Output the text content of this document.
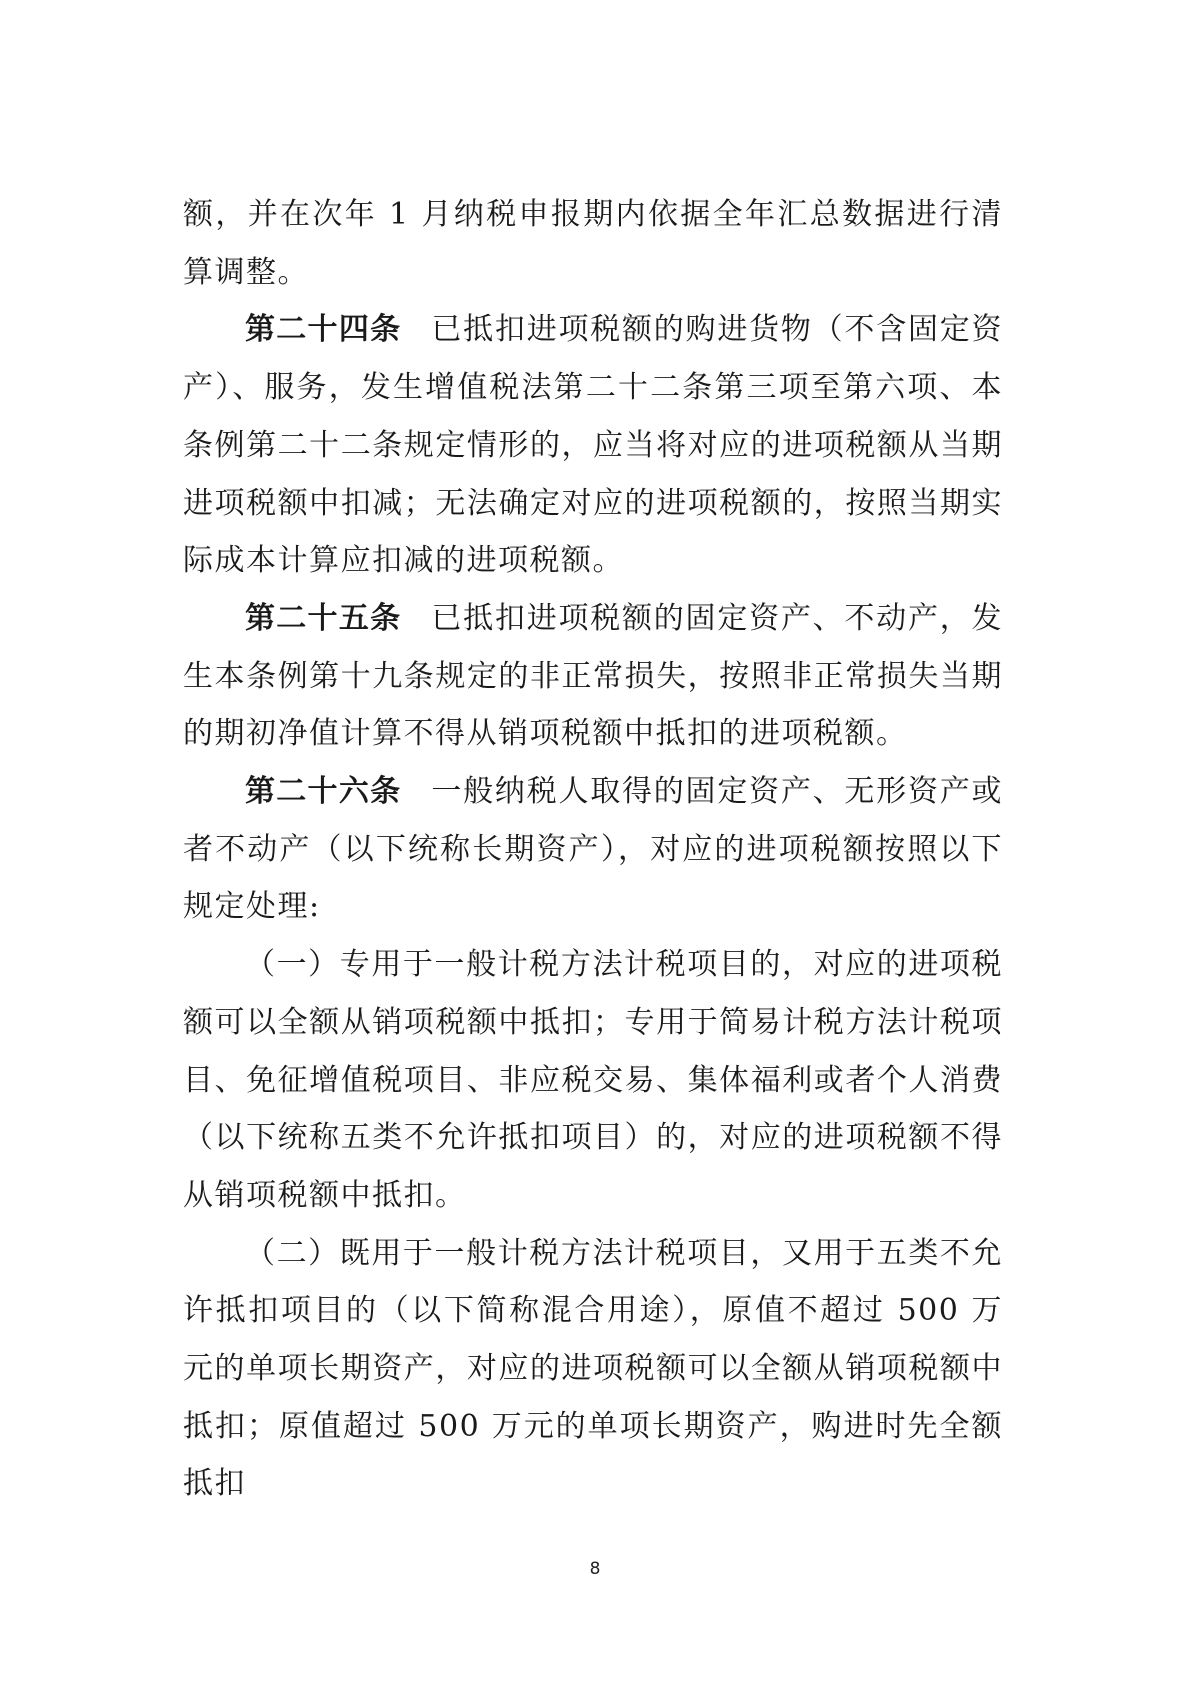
额，并在次年 1 月纳税申报期内依据全年汇总数据进行清算调整。

第二十四条 已抵扣进项税额的购进货物（不含固定资产）、服务，发生增值税法第二十二条第三项至第六项、本条例第二十二条规定情形的，应当将对应的进项税额从当期进项税额中扣减；无法确定对应的进项税额的，按照当期实际成本计算应扣减的进项税额。

第二十五条 已抵扣进项税额的固定资产、不动产，发生本条例第十九条规定的非正常损失，按照非正常损失当期的期初净值计算不得从销项税额中抵扣的进项税额。

第二十六条 一般纳税人取得的固定资产、无形资产或者不动产（以下统称长期资产），对应的进项税额按照以下规定处理:

（一）专用于一般计税方法计税项目的，对应的进项税额可以全额从销项税额中抵扣；专用于简易计税方法计税项目、免征增值税项目、非应税交易、集体福利或者个人消费（以下统称五类不允许抵扣项目）的，对应的进项税额不得从销项税额中抵扣。

（二）既用于一般计税方法计税项目，又用于五类不允许抵扣项目的（以下简称混合用途），原值不超过 500 万元的单项长期资产，对应的进项税额可以全额从销项税额中抵扣；原值超过 500 万元的单项长期资产，购进时先全额抵扣

8
